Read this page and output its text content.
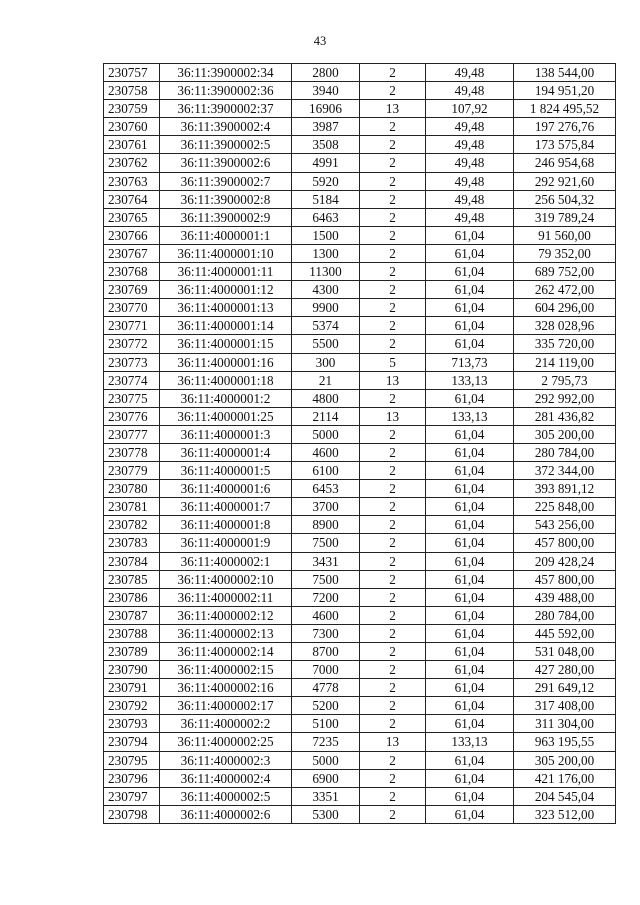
43
230757	36:11:3900002:34	2800	2	49,48	138 544,00
230758	36:11:3900002:36	3940	2	49,48	194 951,20
230759	36:11:3900002:37	16906	13	107,92	1 824 495,52
230760	36:11:3900002:4	3987	2	49,48	197 276,76
230761	36:11:3900002:5	3508	2	49,48	173 575,84
230762	36:11:3900002:6	4991	2	49,48	246 954,68
230763	36:11:3900002:7	5920	2	49,48	292 921,60
230764	36:11:3900002:8	5184	2	49,48	256 504,32
230765	36:11:3900002:9	6463	2	49,48	319 789,24
230766	36:11:4000001:1	1500	2	61,04	91 560,00
230767	36:11:4000001:10	1300	2	61,04	79 352,00
230768	36:11:4000001:11	11300	2	61,04	689 752,00
230769	36:11:4000001:12	4300	2	61,04	262 472,00
230770	36:11:4000001:13	9900	2	61,04	604 296,00
230771	36:11:4000001:14	5374	2	61,04	328 028,96
230772	36:11:4000001:15	5500	2	61,04	335 720,00
230773	36:11:4000001:16	300	5	713,73	214 119,00
230774	36:11:4000001:18	21	13	133,13	2 795,73
230775	36:11:4000001:2	4800	2	61,04	292 992,00
230776	36:11:4000001:25	2114	13	133,13	281 436,82
230777	36:11:4000001:3	5000	2	61,04	305 200,00
230778	36:11:4000001:4	4600	2	61,04	280 784,00
230779	36:11:4000001:5	6100	2	61,04	372 344,00
230780	36:11:4000001:6	6453	2	61,04	393 891,12
230781	36:11:4000001:7	3700	2	61,04	225 848,00
230782	36:11:4000001:8	8900	2	61,04	543 256,00
230783	36:11:4000001:9	7500	2	61,04	457 800,00
230784	36:11:4000002:1	3431	2	61,04	209 428,24
230785	36:11:4000002:10	7500	2	61,04	457 800,00
230786	36:11:4000002:11	7200	2	61,04	439 488,00
230787	36:11:4000002:12	4600	2	61,04	280 784,00
230788	36:11:4000002:13	7300	2	61,04	445 592,00
230789	36:11:4000002:14	8700	2	61,04	531 048,00
230790	36:11:4000002:15	7000	2	61,04	427 280,00
230791	36:11:4000002:16	4778	2	61,04	291 649,12
230792	36:11:4000002:17	5200	2	61,04	317 408,00
230793	36:11:4000002:2	5100	2	61,04	311 304,00
230794	36:11:4000002:25	7235	13	133,13	963 195,55
230795	36:11:4000002:3	5000	2	61,04	305 200,00
230796	36:11:4000002:4	6900	2	61,04	421 176,00
230797	36:11:4000002:5	3351	2	61,04	204 545,04
230798	36:11:4000002:6	5300	2	61,04	323 512,00
